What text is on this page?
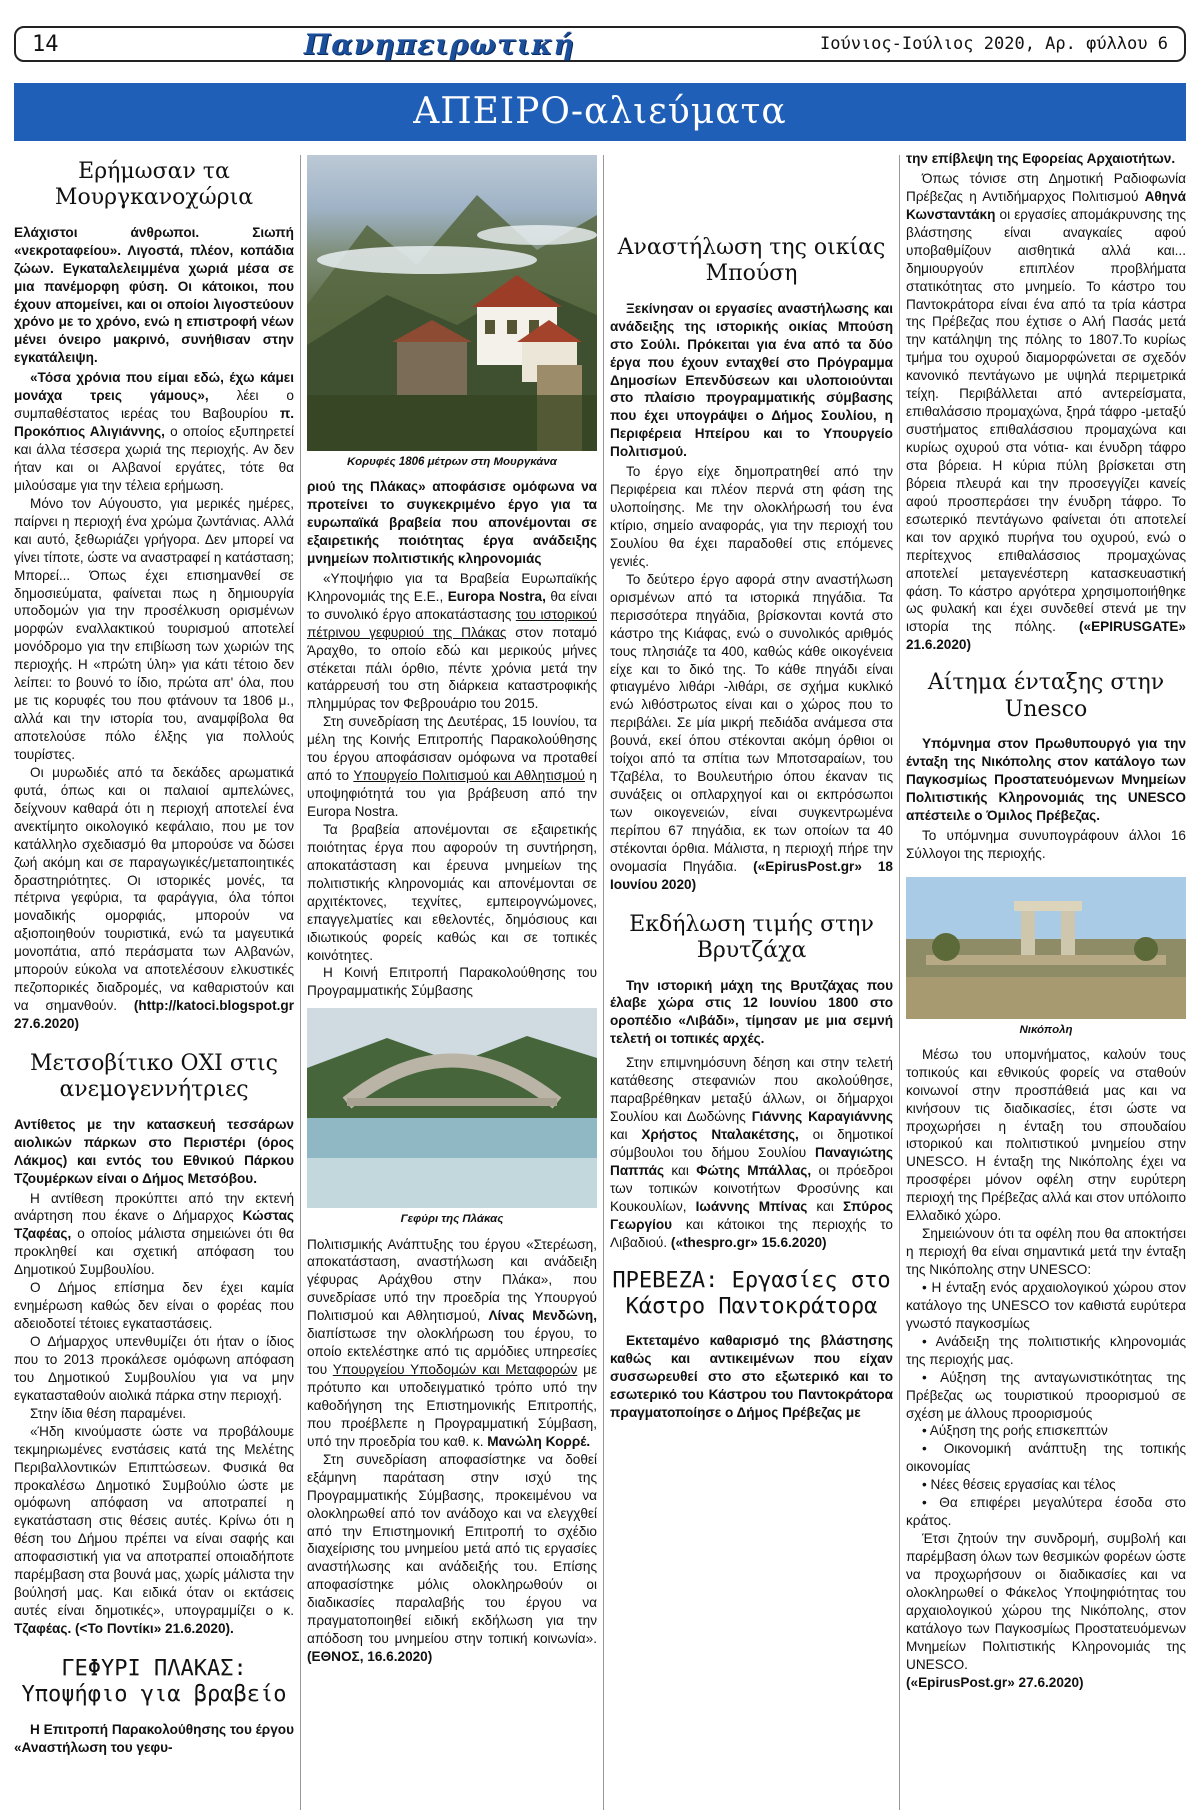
14	Πανηπειρωτική	Ιούνιος-Ιούλιος 2020, Αρ. φύλλου 6
ΑΠΕΙΡΟ-αλιεύματα
Ερήμωσαν τα Μουργκανοχώρια

Ελάχιστοι άνθρωποι. Σιωπή «νεκροταφείου». Λιγοστά, πλέον, κοπάδια ζώων. Εγκαταλελειμμένα χωριά μέσα σε μια πανέμορφη φύση. Οι κάτοικοι, που έχουν απομείνει, και οι οποίοι λιγοστεύουν χρόνο με το χρόνο, ενώ η επιστροφή νέων μένει όνειρο μακρινό, συνήθισαν στην εγκατάλειψη.

«Τόσα χρόνια που είμαι εδώ, έχω κάμει μονάχα τρεις γάμους», λέει ο συμπαθέστατος ιερέας του Βαβουρίου π. Προκόπιος Αλιγιάννης, ο οποίος εξυπηρετεί και άλλα τέσσερα χωριά της περιοχής. Αν δεν ήταν και οι Αλβανοί εργάτες, τότε θα μιλούσαμε για την τέλεια ερήμωση.

Μόνο τον Αύγουστο, για μερικές ημέρες, παίρνει η περιοχή ένα χρώμα ζωντάνιας. Αλλά και αυτό, ξεθωριάζει γρήγορα. Δεν μπορεί να γίνει τίποτε, ώστε να αναστραφεί η κατάσταση; Μπορεί... Όπως έχει επισημανθεί σε δημοσιεύματα, φαίνεται πως η δημιουργία υποδομών για την προσέλκυση ορισμένων μορφών εναλλακτικού τουρισμού αποτελεί μονόδρομο για την επιβίωση των χωριών της περιοχής. Η «πρώτη ύλη» για κάτι τέτοιο δεν λείπει: το βουνό το ίδιο, πρώτα απ' όλα, που με τις κορυφές του που φτάνουν τα 1806 μ., αλλά και την ιστορία του, αναμφίβολα θα αποτελούσε πόλο έλξης για πολλούς τουρίστες.

Οι μυρωδιές από τα δεκάδες αρωματικά φυτά, όπως και οι παλαιοί αμπελώνες, δείχνουν καθαρά ότι η περιοχή αποτελεί ένα ανεκτίμητο οικολογικό κεφάλαιο, που με τον κατάλληλο σχεδιασμό θα μπορούσε να δώσει ζωή ακόμη και σε παραγωγικές/μεταποιητικές δραστηριότητες. Οι ιστορικές μονές, τα πέτρινα γεφύρια, τα φαράγγια, όλα τόποι μοναδικής ομορφιάς, μπορούν να αξιοποιηθούν τουριστικά, ενώ τα μαγευτικά μονοπάτια, από περάσματα των Αλβανών, μπορούν εύκολα να αποτελέσουν ελκυστικές πεζοπορικές διαδρομές, να καθαριστούν και να σημανθούν. (http://katoci.blogspot.gr 27.6.2020)

Μετσοβίτικο ΟΧΙ στις ανεμογεννήτριες

Αντίθετος με την κατασκευή τεσσάρων αιολικών πάρκων στο Περιστέρι (όρος Λάκμος) και εντός του Εθνικού Πάρκου Τζουμέρκων είναι ο Δήμος Μετσόβου.

Η αντίθεση προκύπτει από την εκτενή ανάρτηση που έκανε ο Δήμαρχος Κώστας Τζαφέας, ο οποίος μάλιστα σημειώνει ότι θα προκληθεί και σχετική απόφαση του Δημοτικού Συμβουλίου.

Ο Δήμος επίσημα δεν έχει καμία ενημέρωση καθώς δεν είναι ο φορέας που αδειοδοτεί τέτοιες εγκαταστάσεις.

Ο Δήμαρχος υπενθυμίζει ότι ήταν ο ίδιος που το 2013 προκάλεσε ομόφωνη απόφαση του Δημοτικού Συμβουλίου για να μην εγκατασταθούν αιολικά πάρκα στην περιοχή.

Στην ίδια θέση παραμένει.

«Ήδη κινούμαστε ώστε να προβάλουμε τεκμηριωμένες ενστάσεις κατά της Μελέτης Περιβαλλοντικών Επιπτώσεων. Φυσικά θα προκαλέσω Δημοτικό Συμβούλιο ώστε με ομόφωνη απόφαση να αποτραπεί η εγκατάσταση στις θέσεις αυτές. Κρίνω ότι η θέση του Δήμου πρέπει να είναι σαφής και αποφασιστική για να αποτραπεί οποιαδήποτε παρέμβαση στα βουνά μας, χωρίς μάλιστα την βούλησή μας. Και ειδικά όταν οι εκτάσεις αυτές είναι δημοτικές», υπογραμμίζει ο κ. Τζαφέας. (<Το Ποντίκι» 21.6.2020).

ΓΕΦΥΡΙ ΠΛΑΚΑΣ: Υποψήφιο για βραβείο

Η Επιτροπή Παρακολούθησης του έργου «Αναστήλωση του γεφυ-

Κορυφές 1806 μέτρων στη Μουργκάνα

ριού της Πλάκας» αποφάσισε ομόφωνα να προτείνει το συγκεκριμένο έργο για τα ευρωπαϊκά βραβεία που απονέμονται σε εξαιρετικής ποιότητας έργα ανάδειξης μνημείων πολιτιστικής κληρονομιάς

«Υποψήφιο για τα Βραβεία Ευρωπαϊκής Κληρονομιάς της Ε.Ε., Europa Nostra, θα είναι το συνολικό έργο αποκατάστασης του ιστορικού πέτρινου γεφυριού της Πλάκας στον ποταμό Άραχθο, το οποίο εδώ και μερικούς μήνες στέκεται πάλι όρθιο, πέντε χρόνια μετά την κατάρρευσή του στη διάρκεια καταστροφικής πλημμύρας τον Φεβρουάριο του 2015.

Στη συνεδρίαση της Δευτέρας, 15 Ιουνίου, τα μέλη της Κοινής Επιτροπής Παρακολούθησης του έργου αποφάσισαν ομόφωνα να προταθεί από το Υπουργείο Πολιτισμού και Αθλητισμού η υποψηφιότητά του για βράβευση από την Europa Nostra.

Τα βραβεία απονέμονται σε εξαιρετικής ποιότητας έργα που αφορούν τη συντήρηση, αποκατάσταση και έρευνα μνημείων της πολιτιστικής κληρονομιάς και απονέμονται σε αρχιτέκτονες, τεχνίτες, εμπειρογνώμονες, επαγγελματίες και εθελοντές, δημόσιους και ιδιωτικούς φορείς καθώς και σε τοπικές κοινότητες.

Η Κοινή Επιτροπή Παρακολούθησης του Προγραμματικής Σύμβασης

Γεφύρι της Πλάκας

Πολιτισμικής Ανάπτυξης του έργου «Στερέωση, αποκατάσταση, αναστήλωση και ανάδειξη γέφυρας Αράχθου στην Πλάκα», που συνεδρίασε υπό την προεδρία της Υπουργού Πολιτισμού και Αθλητισμού, Λίνας Μενδώνη, διαπίστωσε την ολοκλήρωση του έργου, το οποίο εκτελέστηκε από τις αρμόδιες υπηρεσίες του Υπουργείου Υποδομών και Μεταφορών με πρότυπο και υποδειγματικό τρόπο υπό την καθοδήγηση της Επιστημονικής Επιτροπής, που προέβλεπε η Προγραμματική Σύμβαση, υπό την προεδρία του καθ. κ. Μανώλη Κορρέ.

Στη συνεδρίαση αποφασίστηκε να δοθεί εξάμηνη παράταση στην ισχύ της Προγραμματικής Σύμβασης, προκειμένου να ολοκληρωθεί από τον ανάδοχο και να ελεγχθεί από την Επιστημονική Επιτροπή το σχέδιο διαχείρισης του μνημείου μετά από τις εργασίες αναστήλωσης και ανάδειξής του. Επίσης αποφασίστηκε μόλις ολοκληρωθούν οι διαδικασίες παραλαβής του έργου να πραγματοποιηθεί ειδική εκδήλωση για την απόδοση του μνημείου στην τοπική κοινωνία». (ΕΘΝΟΣ, 16.6.2020)

Αναστήλωση της οικίας Μπούση

Ξεκίνησαν οι εργασίες αναστήλωσης και ανάδειξης της ιστορικής οικίας Μπούση στο Σούλι. Πρόκειται για ένα από τα δύο έργα που έχουν ενταχθεί στο Πρόγραμμα Δημοσίων Επενδύσεων και υλοποιούνται στο πλαίσιο προγραμματικής σύμβασης που έχει υπογράψει ο Δήμος Σουλίου, η Περιφέρεια Ηπείρου και το Υπουργείο Πολιτισμού.

Το έργο είχε δημοπρατηθεί από την Περιφέρεια και πλέον περνά στη φάση της υλοποίησης. Με την ολοκλήρωσή του ένα κτίριο, σημείο αναφοράς, για την περιοχή του Σουλίου θα έχει παραδοθεί στις επόμενες γενιές.

Το δεύτερο έργο αφορά στην αναστήλωση ορισμένων από τα ιστορικά πηγάδια. Τα περισσότερα πηγάδια, βρίσκονται κοντά στο κάστρο της Κιάφας, ενώ ο συνολικός αριθμός τους πλησιάζε τα 400, καθώς κάθε οικογένεια είχε και το δικό της. Το κάθε πηγάδι είναι φτιαγμένο λιθάρι -λιθάρι, σε σχήμα κυκλικό ενώ λιθόστρωτος είναι και ο χώρος που το περιβάλει. Σε μία μικρή πεδιάδα ανάμεσα στα βουνά, εκεί όπου στέκονται ακόμη όρθιοι οι τοίχοι από τα σπίτια των Μποτσαραίων, του Τζαβέλα, το Βουλευτήριο όπου έκαναν τις συνάξεις οι οπλαρχηγοί και οι εκπρόσωποι των οικογενειών, είναι συγκεντρωμένα περίπου 67 πηγάδια, εκ των οποίων τα 40 στέκονται όρθια. Μάλιστα, η περιοχή πήρε την ονομασία Πηγάδια. («EpirusPost.gr» 18 Ιουνίου 2020)

Εκδήλωση τιμής στην Βρυτζάχα

Την ιστορική μάχη της Βρυτζάχας που έλαβε χώρα στις 12 Ιουνίου 1800 στο οροπέδιο «Λιβάδι», τίμησαν με μια σεμνή τελετή οι τοπικές αρχές.

Στην επιμνημόσυνη δέηση και στην τελετή κατάθεσης στεφανιών που ακολούθησε, παραβρέθηκαν μεταξύ άλλων, οι δήμαρχοι Σουλίου και Δωδώνης Γιάννης Καραγιάννης και Χρήστος Νταλακέτσης, οι δημοτικοί σύμβουλοι του δήμου Σουλίου Παναγιώτης Παππάς και Φώτης Μπάλλας, οι πρόεδροι των τοπικών κοινοτήτων Φροσύνης και Κουκουλίων, Ιωάννης Μπίνας και Σπύρος Γεωργίου και κάτοικοι της περιοχής το Λιβαδιού. («thespro.gr» 15.6.2020)

ΠΡΕΒΕΖΑ: Εργασίες στο Κάστρο Παντοκράτορα

Εκτεταμένο καθαρισμό της βλάστησης καθώς και αντικειμένων που είχαν συσσωρευθεί στο στο εξωτερικό και το εσωτερικό του Κάστρου του Παντοκράτορα πραγματοποίησε ο Δήμος Πρέβεζας με

την επίβλεψη της Εφορείας Αρχαιοτήτων.

Όπως τόνισε στη Δημοτική Ραδιοφωνία Πρέβεζας η Αντιδήμαρχος Πολιτισμού Αθηνά Κωνσταντάκη οι εργασίες απομάκρυνσης της βλάστησης είναι αναγκαίες αφού υποβαθμίζουν αισθητικά αλλά και... δημιουργούν επιπλέον προβλήματα στατικότητας στο μνημείο. Το κάστρο του Παντοκράτορα είναι ένα από τα τρία κάστρα της Πρέβεζας που έχτισε ο Αλή Πασάς μετά την κατάληψη της πόλης το 1807.Το κυρίως τμήμα του οχυρού διαμορφώνεται σε σχεδόν κανονικό πεντάγωνο με υψηλά περιμετρικά τείχη. Περιβάλλεται από αντερείσματα, επιθαλάσσιο προμαχώνα, ξηρά τάφρο -μεταξύ συστήματος επιθαλάσσιου προμαχώνα και κυρίως οχυρού στα νότια- και ένυδρη τάφρο στα βόρεια. Η κύρια πύλη βρίσκεται στη βόρεια πλευρά και την προσεγγίζει κανείς αφού προσπεράσει την ένυδρη τάφρο. Το εσωτερικό πεντάγωνο φαίνεται ότι αποτελεί και τον αρχικό πυρήνα του οχυρού, ενώ ο περίτεχνος επιθαλάσσιος προμαχώνας αποτελεί μεταγενέστερη κατασκευαστική φάση. Το κάστρο αργότερα χρησιμοποιήθηκε ως φυλακή και έχει συνδεθεί στενά με την ιστορία της πόλης. («EPIRUSGATE» 21.6.2020)

Αίτημα ένταξης στην Unesco

Υπόμνημα στον Πρωθυπουργό για την ένταξη της Νικόπολης στον κατάλογο των Παγκοσμίως Προστατευόμενων Μνημείων Πολιτιστικής Κληρονομιάς της UNESCO απέστειλε ο Όμιλος Πρέβεζας.

Το υπόμνημα συνυπογράφουν άλλοι 16 Σύλλογοι της περιοχής.

Νικόπολη

Μέσω του υπομνήματος, καλούν τους τοπικούς και εθνικούς φορείς να σταθούν κοινωνοί στην προσπάθειά μας και να κινήσουν τις διαδικασίες, έτσι ώστε να προχωρήσει η ένταξη του σπουδαίου ιστορικού και πολιτιστικού μνημείου στην UNESCO. Η ένταξη της Νικόπολης έχει να προσφέρει μόνον οφέλη στην ευρύτερη περιοχή της Πρέβεζας αλλά και στον υπόλοιπο Ελλαδικό χώρο.

Σημειώνουν ότι τα οφέλη που θα αποκτήσει η περιοχή θα είναι σημαντικά μετά την ένταξη της Νικόπολης στην UNESCO:

• Η ένταξη ενός αρχαιολογικού χώρου στον κατάλογο της UNESCO τον καθιστά ευρύτερα γνωστό παγκοσμίως

• Ανάδειξη της πολιτιστικής κληρονομιάς της περιοχής μας.

• Αύξηση της ανταγωνιστικότητας της Πρέβεζας ως τουριστικού προορισμού σε σχέση με άλλους προορισμούς

• Αύξηση της ροής επισκεπτών

• Οικονομική ανάπτυξη της τοπικής οικονομίας

• Νέες θέσεις εργασίας και τέλος

• Θα επιφέρει μεγαλύτερα έσοδα στο κράτος.

Έτσι ζητούν την συνδρομή, συμβολή και παρέμβαση όλων των θεσμικών φορέων ώστε να προχωρήσουν οι διαδικασίες και να ολοκληρωθεί ο Φάκελος Υποψηφιότητας του αρχαιολογικού χώρου της Νικόπολης, στον κατάλογο των Παγκοσμίως Προστατευόμενων Μνημείων Πολιτιστικής Κληρονομιάς της UNESCO.

(«EpirusPost.gr» 27.6.2020)
